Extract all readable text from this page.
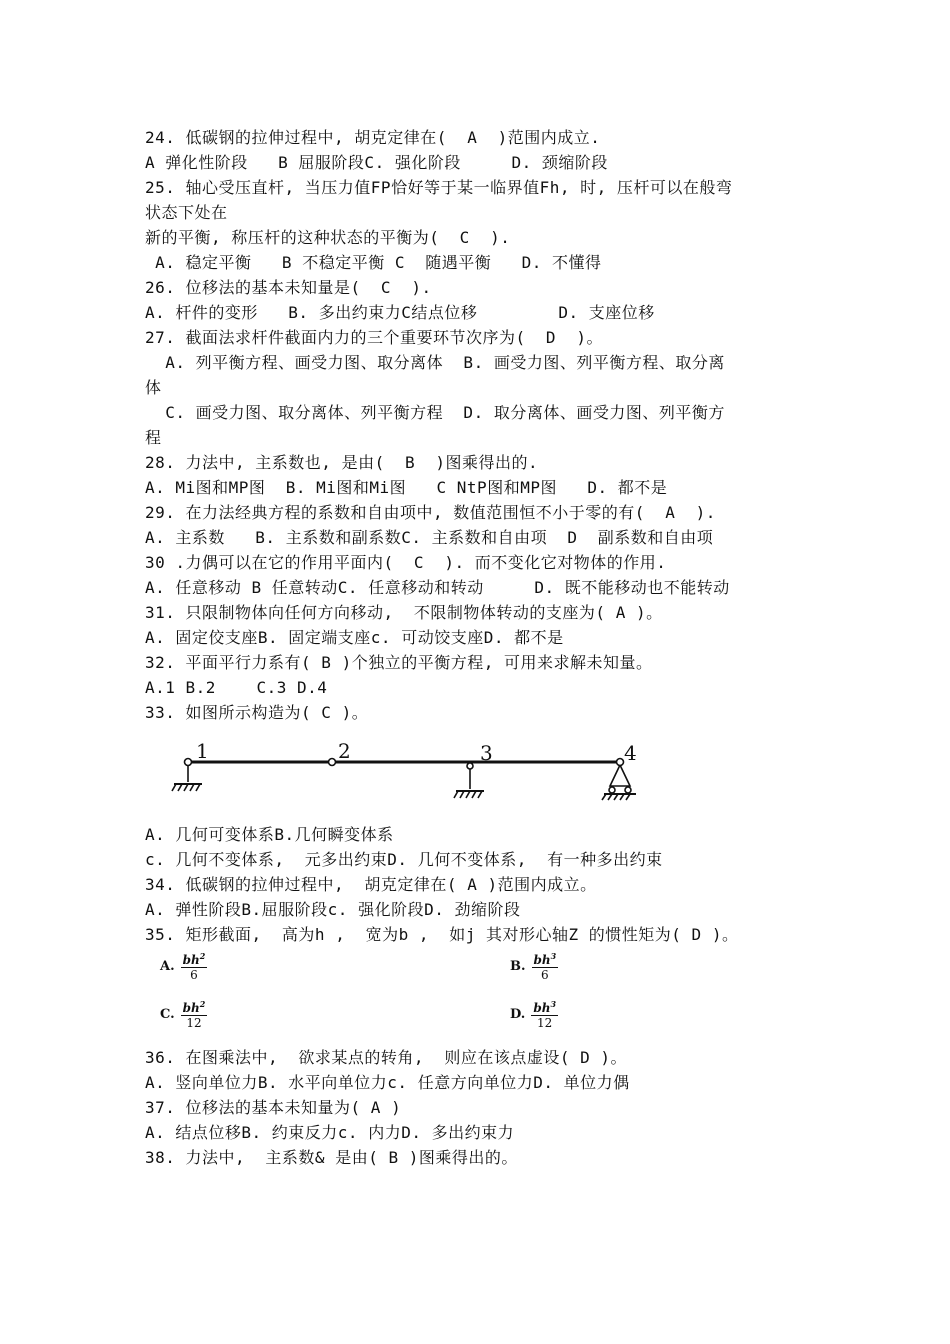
24. 低碳钢的拉伸过程中, 胡克定律在(  A  )范围内成立.
A 弹化性阶段   B 屈服阶段C. 强化阶段     D. 颈缩阶段
25. 轴心受压直杆, 当压力值FP恰好等于某一临界值Fh, 时, 压杆可以在般弯
状态下处在
新的平衡, 称压杆的这种状态的平衡为(  C  ).
A. 稳定平衡   B 不稳定平衡 C  随遇平衡   D. 不懂得
26. 位移法的基本未知量是(  C  ).
A. 杆件的变形   B. 多出约束力C结点位移        D. 支座位移
27. 截面法求杆件截面内力的三个重要环节次序为(  D  )。
A. 列平衡方程、画受力图、取分离体  B. 画受力图、列平衡方程、取分离
体
C. 画受力图、取分离体、列平衡方程  D. 取分离体、画受力图、列平衡方
程
28. 力法中, 主系数也, 是由(  B  )图乘得出的.
A. Mi图和MP图  B. Mi图和Mi图   C NtP图和MP图   D. 都不是
29. 在力法经典方程的系数和自由项中, 数值范围恒不小于零的有(  A  ).
A. 主系数   B. 主系数和副系数C. 主系数和自由项  D  副系数和自由项
30 .力偶可以在它的作用平面内(  C  ). 而不变化它对物体的作用.
A. 任意移动 B 任意转动C. 任意移动和转动     D. 既不能移动也不能转动
31. 只限制物体向任何方向移动,  不限制物体转动的支座为( A )。
A. 固定佼支座B. 固定端支座c. 可动饺支座D. 都不是
32. 平面平行力系有( B )个独立的平衡方程, 可用来求解未知量。
A.1 B.2    C.3 D.4
33. 如图所示构造为( C )。
1	2	3	4
A. 几何可变体系B.几何瞬变体系
c. 几何不变体系,  元多出约束D. 几何不变体系,  有一种多出约束
34. 低碳钢的拉伸过程中,  胡克定律在( A )范围内成立。
A. 弹性阶段B.屈服阶段c. 强化阶段D. 劲缩阶段
35. 矩形截面,  高为h ,  宽为b ,  如j 其对形心轴Z 的惯性矩为( D )。
A. $\frac{bh^2}{6}$	B. $\frac{bh^3}{6}$
C. $\frac{bh^2}{12}$	D. $\frac{bh^3}{12}$
36. 在图乘法中,  欲求某点的转角,  则应在该点虚设( D )。
A. 竖向单位力B. 水平向单位力c. 任意方向单位力D. 单位力偶
37. 位移法的基本未知量为( A )
A. 结点位移B. 约束反力c. 内力D. 多出约束力
38. 力法中,  主系数& 是由( B )图乘得出的。
